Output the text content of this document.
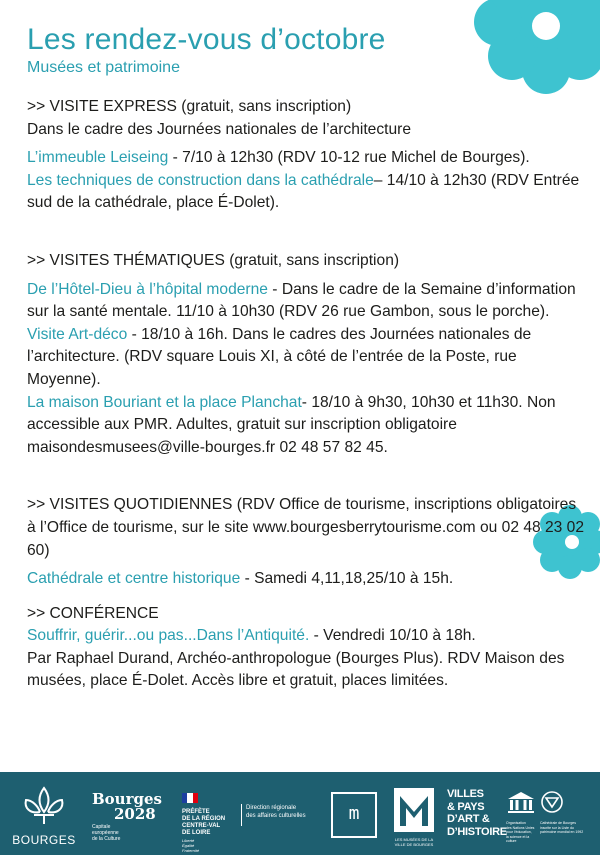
Les rendez-vous d’octobre
Musées et patrimoine

>> VISITE EXPRESS (gratuit, sans inscription)

Dans le cadre des Journées nationales de l’architecture

L’immeuble Leiseing - 7/10 à 12h30 (RDV 10-12 rue Michel de Bourges).

Les techniques de construction dans la cathédrale– 14/10 à 12h30 (RDV Entrée sud de la cathédrale, place É-Dolet).

>> VISITES THÉMATIQUES (gratuit, sans inscription)

De l’Hôtel-Dieu à l’hôpital moderne - Dans le cadre de la Semaine d’information sur la santé mentale. 11/10 à 10h30 (RDV 26 rue Gambon, sous le porche).

Visite Art-déco - 18/10 à 16h. Dans le cadres des Journées nationales de l’architecture. (RDV square Louis XI, à côté de l’entrée de la Poste, rue Moyenne).

La maison Bouriant et la place Planchat- 18/10 à 9h30, 10h30 et 11h30. Non accessible aux PMR. Adultes, gratuit sur inscription obligatoire maisondesmusees@ville-bourges.fr 02 48 57 82 45.

>> VISITES QUOTIDIENNES (RDV Office de tourisme, inscriptions obligatoires à l’Office de tourisme, sur le site www.bourgesberrytourisme.com ou 02 48 23 02 60)

Cathédrale et centre historique - Samedi 4,11,18,25/10 à 15h.

>> CONFÉRENCE

Souffrir, guérir...ou pas...Dans l’Antiquité. - Vendredi 10/10 à 18h.

Par Raphael Durand, Archéo-anthropologue (Bourges Plus). RDV Maison des musées, place É-Dolet. Accès libre et gratuit, places limitées.

BOURGES
Bourges
2028
Capitale
européenne
de la Culture
PRÉFÈTE
DE LA RÉGION
CENTRE-VAL
DE LOIRE
Liberté
Égalité
Fraternité
Direction régionale
des affaires culturelles	m
LES MUSÉES DE LA
VILLE DE BOURGES
VILLES
& PAYS
D’ART &
D’HISTOIRE
Organisation
des Nations Unies
pour l’éducation,
la science et la culture
Cathédrale de Bourges
inscrite sur la Liste du
patrimoine mondial en 1992
